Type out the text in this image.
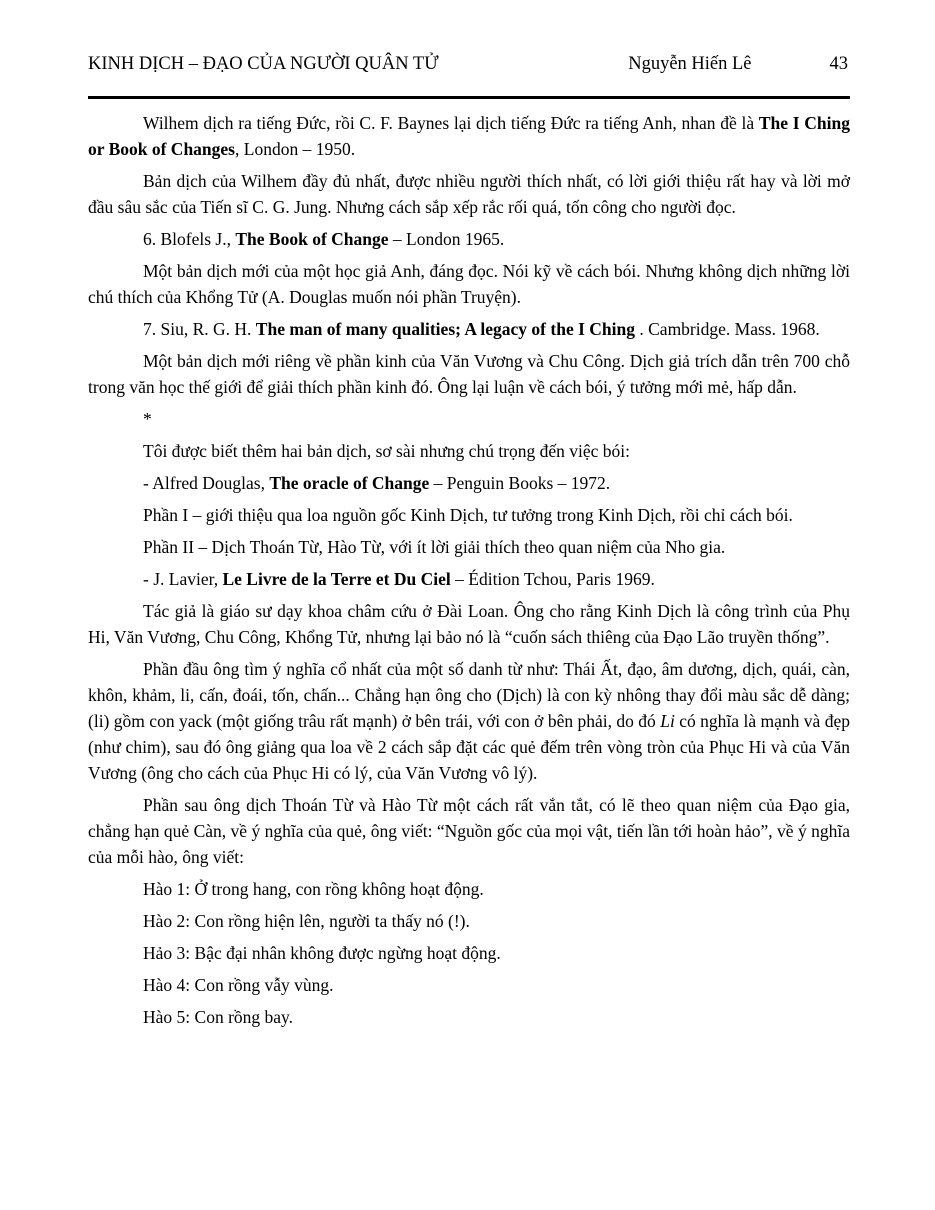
KINH DỊCH – ĐẠO CỦA NGƯỜI QUÂN TỬ	Nguyễn Hiến Lê	43

Wilhem dịch ra tiếng Đức, rồi C. F. Baynes lại dịch tiếng Đức ra tiếng Anh, nhan đề là The I Ching or Book of Changes, London – 1950.

Bản dịch của Wilhem đầy đủ nhất, được nhiều người thích nhất, có lời giới thiệu rất hay và lời mở đầu sâu sắc của Tiến sĩ C. G. Jung. Nhưng cách sắp xếp rắc rối quá, tốn công cho người đọc.

6. Blofels J., The Book of Change – London 1965.

Một bản dịch mới của một học giả Anh, đáng đọc. Nói kỹ về cách bói. Nhưng không dịch những lời chú thích của Khổng Tử (A. Douglas muốn nói phần Truyện).

7. Siu, R. G. H. The man of many qualities; A legacy of the I Ching . Cambridge. Mass. 1968.

Một bản dịch mới riêng về phần kinh của Văn Vương và Chu Công. Dịch giả trích dẫn trên 700 chỗ trong văn học thế giới để giải thích phần kinh đó. Ông lại luận về cách bói, ý tưởng mới mẻ, hấp dẫn.

*

Tôi được biết thêm hai bản dịch, sơ sài nhưng chú trọng đến việc bói:

- Alfred Douglas, The oracle of Change – Penguin Books – 1972.

Phần I – giới thiệu qua loa nguồn gốc Kinh Dịch, tư tưởng trong Kinh Dịch, rồi chỉ cách bói.

Phần II – Dịch Thoán Từ, Hào Từ, với ít lời giải thích theo quan niệm của Nho gia.

- J. Lavier, Le Livre de la Terre et Du Ciel – Édition Tchou, Paris 1969.

Tác giả là giáo sư dạy khoa châm cứu ở Đài Loan. Ông cho rằng Kinh Dịch là công trình của Phụ Hi, Văn Vương, Chu Công, Khổng Tử, nhưng lại bảo nó là “cuốn sách thiêng của Đạo Lão truyền thống”.

Phần đầu ông tìm ý nghĩa cổ nhất của một số danh từ như: Thái Ất, đạo, âm dương, dịch, quái, càn, khôn, khảm, li, cấn, đoái, tốn, chấn... Chẳng hạn ông cho (Dịch) là con kỳ nhông thay đổi màu sắc dễ dàng; (li) gồm con yack (một giống trâu rất mạnh) ở bên trái, với con ở bên phải, do đó Li có nghĩa là mạnh và đẹp (như chim), sau đó ông giảng qua loa về 2 cách sắp đặt các quẻ đếm trên vòng tròn của Phục Hi và của Văn Vương (ông cho cách của Phục Hi có lý, của Văn Vương vô lý).

Phần sau ông dịch Thoán Từ và Hào Từ một cách rất vắn tắt, có lẽ theo quan niệm của Đạo gia, chẳng hạn quẻ Càn, về ý nghĩa của quẻ, ông viết: “Nguồn gốc của mọi vật, tiến lần tới hoàn hảo”, về ý nghĩa của mỗi hào, ông viết:

Hào 1: Ở trong hang, con rồng không hoạt động.

Hào 2: Con rồng hiện lên, người ta thấy nó (!).

Hảo 3: Bậc đại nhân không được ngừng hoạt động.

Hào 4: Con rồng vẫy vùng.

Hào 5: Con rồng bay.
